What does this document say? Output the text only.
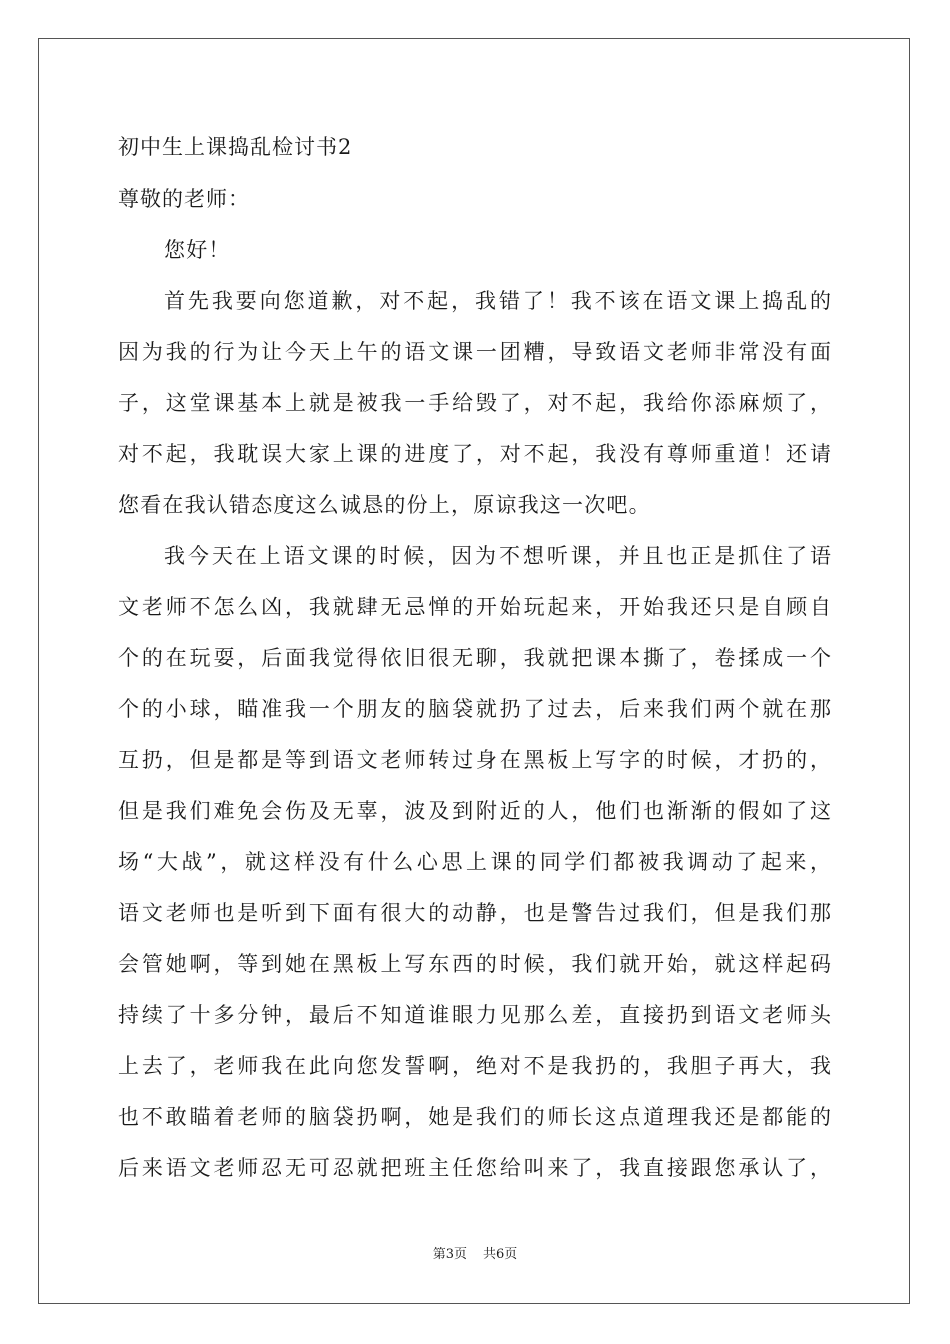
初中生上课捣乱检讨书2
尊敬的老师：
您好！
首先我要向您道歉，对不起，我错了！我不该在语文课上捣乱的
因为我的行为让今天上午的语文课一团糟，导致语文老师非常没有面
子，这堂课基本上就是被我一手给毁了，对不起，我给你添麻烦了，
对不起，我耽误大家上课的进度了，对不起，我没有尊师重道！还请
您看在我认错态度这么诚恳的份上，原谅我这一次吧。
我今天在上语文课的时候，因为不想听课，并且也正是抓住了语
文老师不怎么凶，我就肆无忌惮的开始玩起来，开始我还只是自顾自
个的在玩耍，后面我觉得依旧很无聊，我就把课本撕了，卷揉成一个
个的小球，瞄准我一个朋友的脑袋就扔了过去，后来我们两个就在那
互扔，但是都是等到语文老师转过身在黑板上写字的时候，才扔的，
但是我们难免会伤及无辜，波及到附近的人，他们也渐渐的假如了这
场“大战”，就这样没有什么心思上课的同学们都被我调动了起来，
语文老师也是听到下面有很大的动静，也是警告过我们，但是我们那
会管她啊，等到她在黑板上写东西的时候，我们就开始，就这样起码
持续了十多分钟，最后不知道谁眼力见那么差，直接扔到语文老师头
上去了，老师我在此向您发誓啊，绝对不是我扔的，我胆子再大，我
也不敢瞄着老师的脑袋扔啊，她是我们的师长这点道理我还是都能的
后来语文老师忍无可忍就把班主任您给叫来了，我直接跟您承认了，
第3页 共6页
